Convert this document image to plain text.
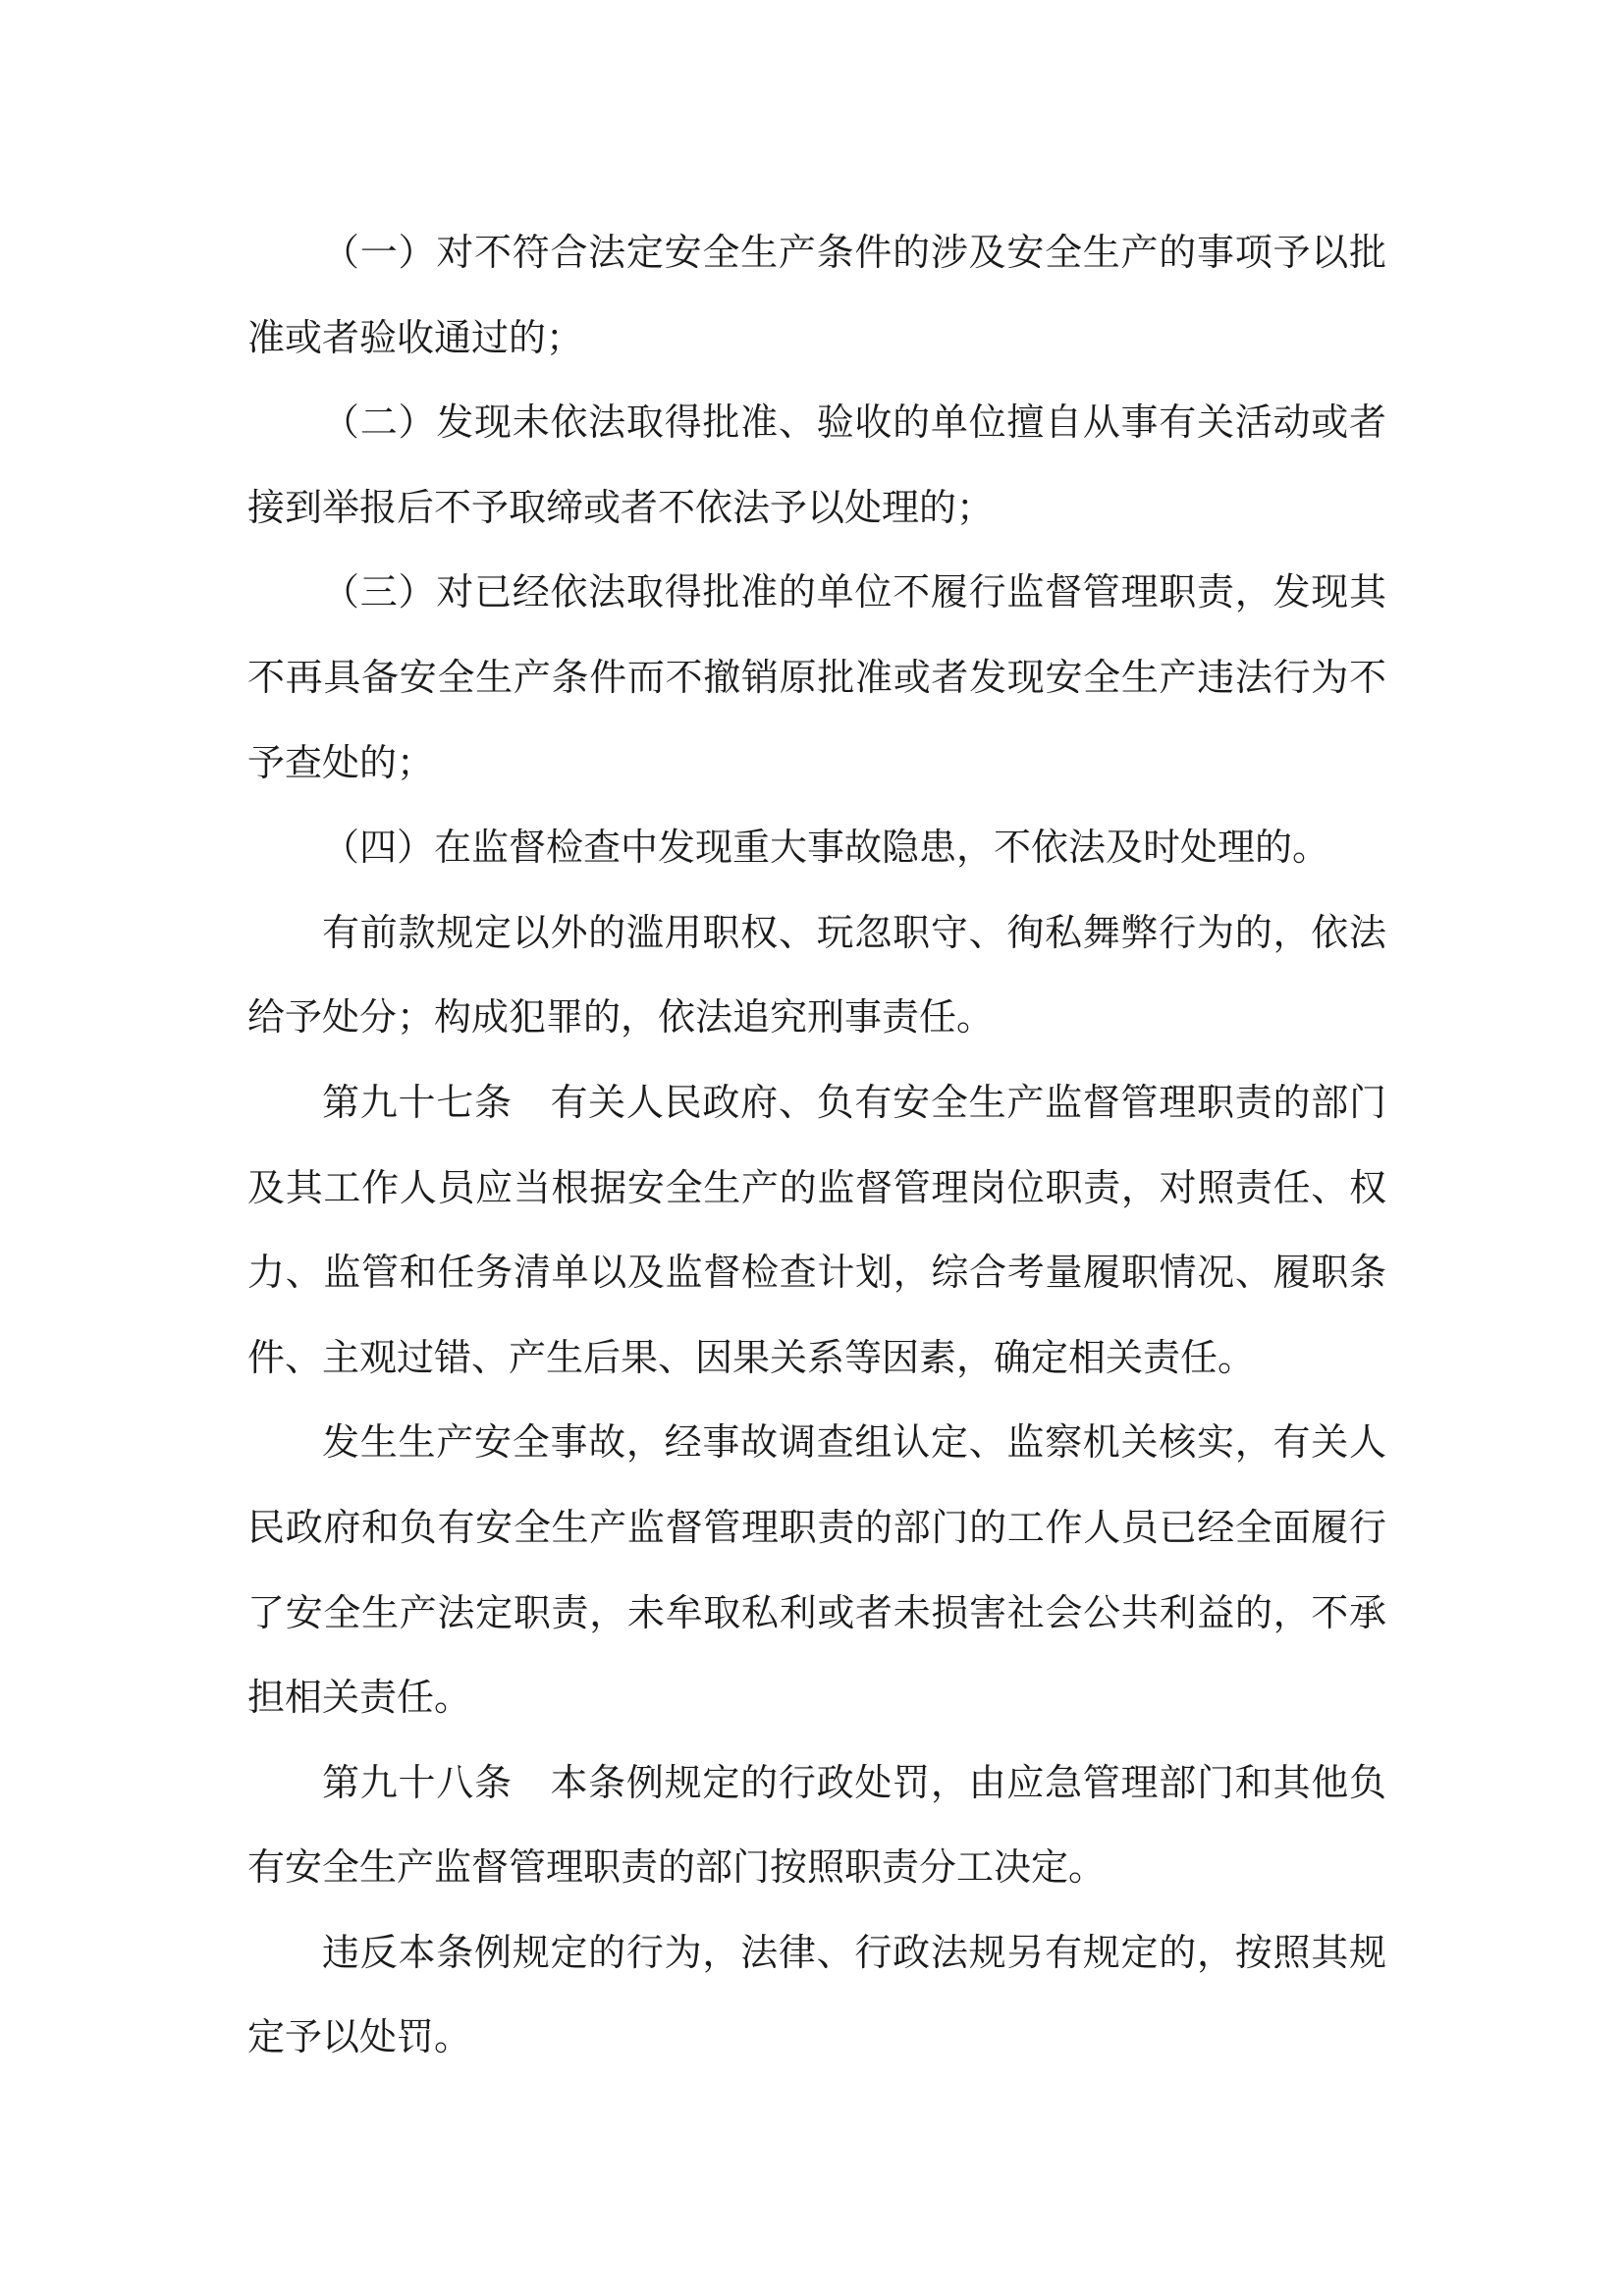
（一）对不符合法定安全生产条件的涉及安全生产的事项予以批准或者验收通过的；

（二）发现未依法取得批准、验收的单位擅自从事有关活动或者接到举报后不予取缔或者不依法予以处理的；

（三）对已经依法取得批准的单位不履行监督管理职责，发现其不再具备安全生产条件而不撤销原批准或者发现安全生产违法行为不予查处的；

（四）在监督检查中发现重大事故隐患，不依法及时处理的。

有前款规定以外的滥用职权、玩忽职守、徇私舞弊行为的，依法给予处分；构成犯罪的，依法追究刑事责任。

第九十七条　有关人民政府、负有安全生产监督管理职责的部门及其工作人员应当根据安全生产的监督管理岗位职责，对照责任、权力、监管和任务清单以及监督检查计划，综合考量履职情况、履职条件、主观过错、产生后果、因果关系等因素，确定相关责任。

发生生产安全事故，经事故调查组认定、监察机关核实，有关人民政府和负有安全生产监督管理职责的部门的工作人员已经全面履行了安全生产法定职责，未牟取私利或者未损害社会公共利益的，不承担相关责任。

第九十八条　本条例规定的行政处罚，由应急管理部门和其他负有安全生产监督管理职责的部门按照职责分工决定。

违反本条例规定的行为，法律、行政法规另有规定的，按照其规定予以处罚。
